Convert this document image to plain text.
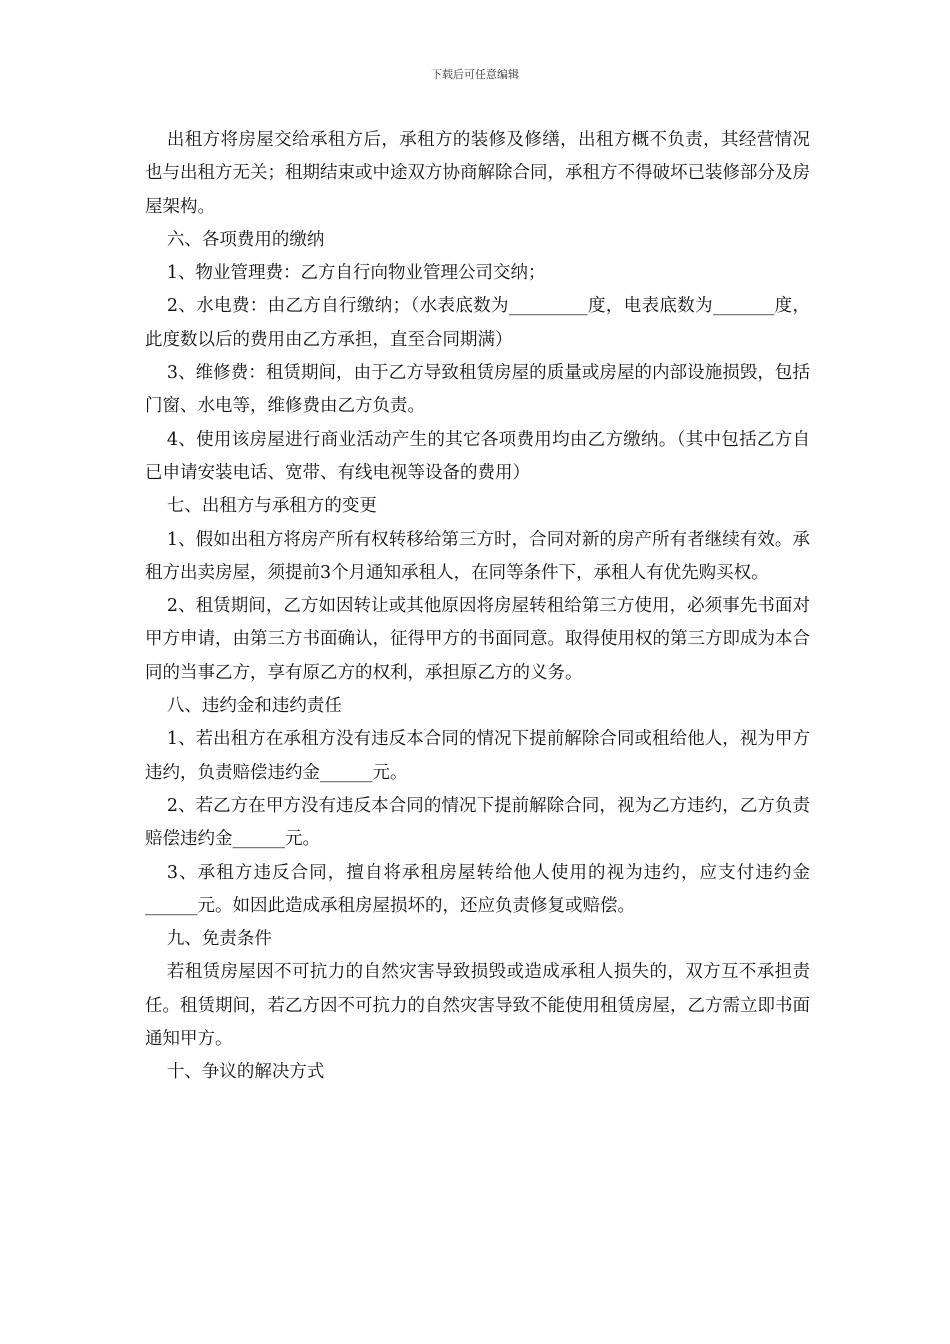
下载后可任意编辑

出租方将房屋交给承租方后，承租方的装修及修缮，出租方概不负责，其经营情况也与出租方无关；租期结束或中途双方协商解除合同，承租方不得破坏已装修部分及房屋架构。

六、各项费用的缴纳

1、物业管理费：乙方自行向物业管理公司交纳；

2、水电费：由乙方自行缴纳；（水表底数为_________度，电表底数为_______度，此度数以后的费用由乙方承担，直至合同期满）

3、维修费：租赁期间，由于乙方导致租赁房屋的质量或房屋的内部设施损毁，包括门窗、水电等，维修费由乙方负责。

4、使用该房屋进行商业活动产生的其它各项费用均由乙方缴纳。（其中包括乙方自已申请安装电话、宽带、有线电视等设备的费用）

七、出租方与承租方的变更

1、假如出租方将房产所有权转移给第三方时，合同对新的房产所有者继续有效。承租方出卖房屋，须提前3个月通知承租人，在同等条件下，承租人有优先购买权。

2、租赁期间，乙方如因转让或其他原因将房屋转租给第三方使用，必须事先书面对甲方申请，由第三方书面确认，征得甲方的书面同意。取得使用权的第三方即成为本合同的当事乙方，享有原乙方的权利，承担原乙方的义务。

八、违约金和违约责任

1、若出租方在承租方没有违反本合同的情况下提前解除合同或租给他人，视为甲方违约，负责赔偿违约金______元。

2、若乙方在甲方没有违反本合同的情况下提前解除合同，视为乙方违约，乙方负责赔偿违约金______元。

3、承租方违反合同，擅自将承租房屋转给他人使用的视为违约，应支付违约金______元。如因此造成承租房屋损坏的，还应负责修复或赔偿。

九、免责条件

若租赁房屋因不可抗力的自然灾害导致损毁或造成承租人损失的，双方互不承担责任。租赁期间，若乙方因不可抗力的自然灾害导致不能使用租赁房屋，乙方需立即书面通知甲方。

十、争议的解决方式
